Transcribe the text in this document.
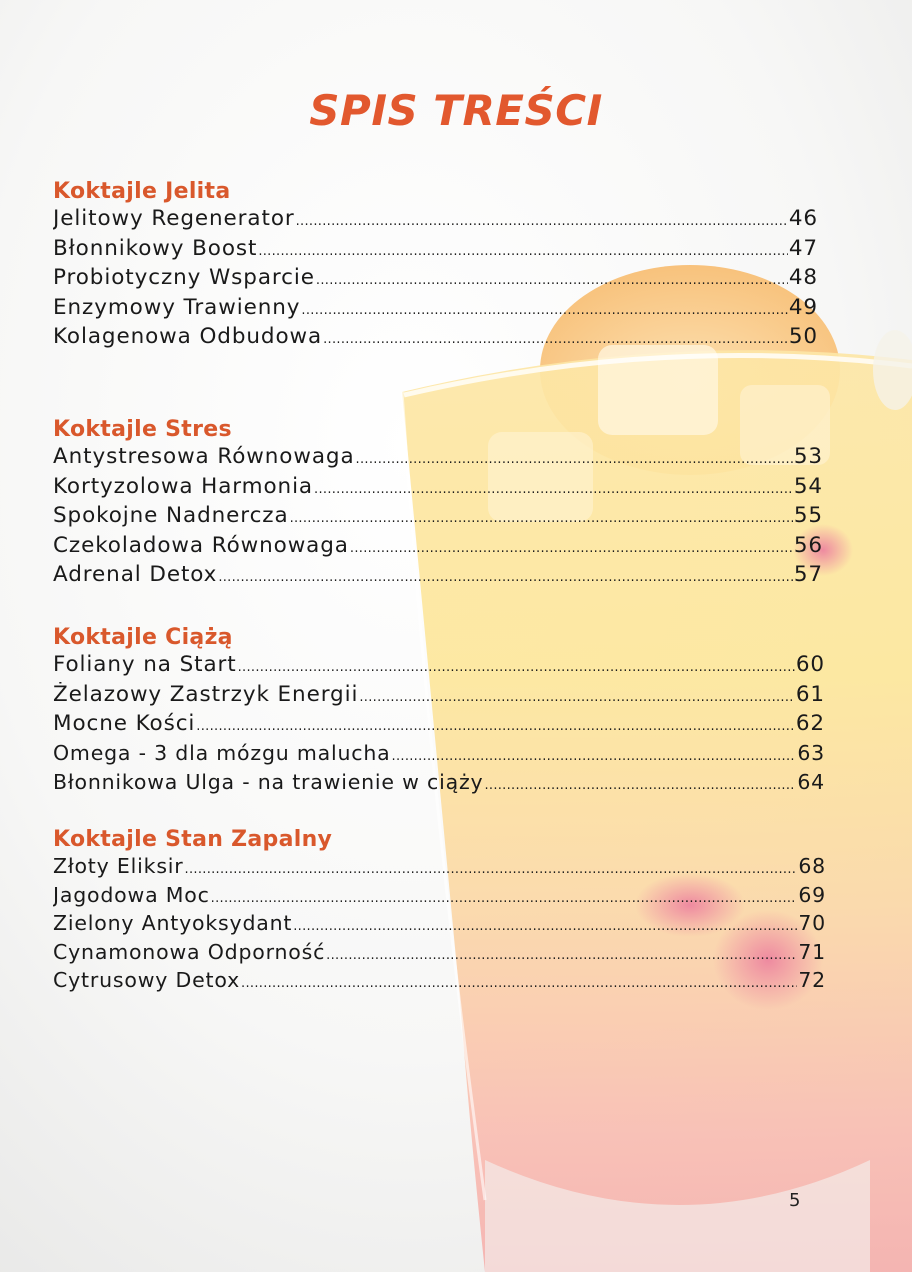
SPIS TREŚCI
Koktajle Jelita
Jelitowy Regenerator .....	46
Błonnikowy Boost .....	47
Probiotyczny Wsparcie .....	48
Enzymowy Trawienny .....	49
Kolagenowa Odbudowa .....	50
Koktajle Stres
Antystresowa Równowaga .....	53
Kortyzolowa Harmonia .....	54
Spokojne Nadnercza .....	55
Czekoladowa Równowaga .....	56
Adrenal Detox .....	57
Koktajle Ciążą
Foliany na Start .....	60
Żelazowy Zastrzyk Energii .....	61
Mocne Kości .....	62
Omega - 3 dla mózgu malucha .....	63
Błonnikowa Ulga - na trawienie w ciąży .....	64
Koktajle Stan Zapalny
Złoty Eliksir .....	68
Jagodowa Moc .....	69
Zielony Antyoksydant .....	70
Cynamonowa Odporność .....	71
Cytrusowy Detox .....	72
5
